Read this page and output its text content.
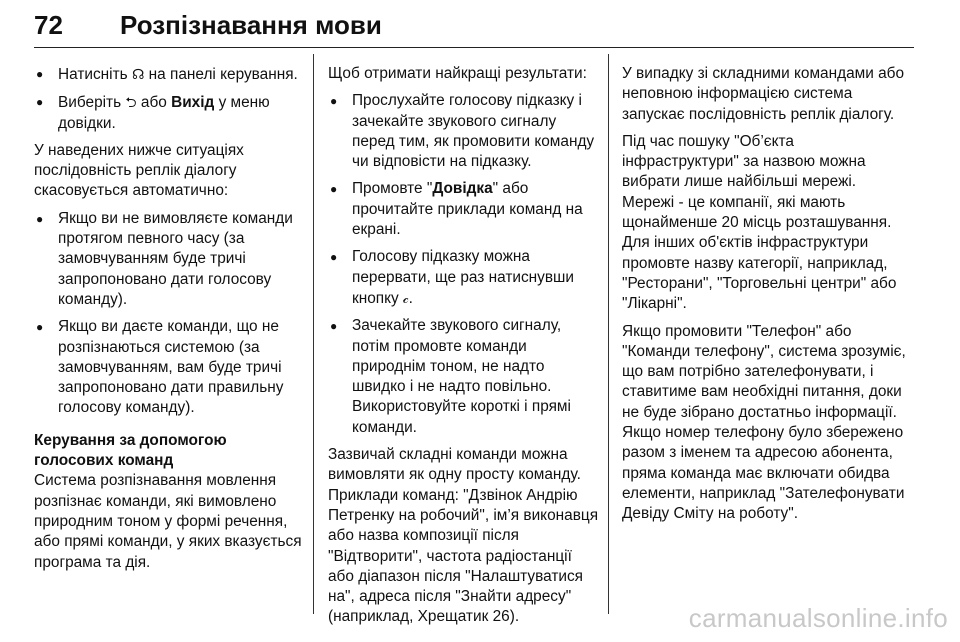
72 Розпізнавання мови
● Натисніть ☊ на панелі керування.
● Виберіть ⮌ або Вихід у меню довідки.

У наведених нижче ситуаціях послідовність реплік діалогу скасовується автоматично:

● Якщо ви не вимовляєте команди протягом певного часу (за замовчуванням буде тричі запропоновано дати голосову команду).
● Якщо ви даєте команди, що не розпізнаються системою (за замовчуванням, вам буде тричі запропоновано дати правильну голосову команду).
Керування за допомогою голосових команд

Система розпізнавання мовлення розпізнає команди, які вимовлено природним тоном у формі речення, або прямі команди, у яких вказується програма та дія.

Щоб отримати найкращі результати:

● Прослухайте голосову підказку і зачекайте звукового сигналу перед тим, як промовити команду чи відповісти на підказку.
● Промовте "Довідка" або прочитайте приклади команд на екрані.
● Голосову підказку можна перервати, ще раз натиснувши кнопку 𝒸.
● Зачекайте звукового сигналу, потім промовте команди природнім тоном, не надто швидко і не надто повільно. Використовуйте короткі і прямі команди.

Зазвичай складні команди можна вимовляти як одну просту команду. Приклади команд: "Дзвінок Андрію Петренку на робочий", ім’я виконавця або назва композиції після "Відтворити", частота радіостанції або діапазон після "Налаштуватися на", адреса після "Знайти адресу" (наприклад, Хрещатик 26).

У випадку зі складними командами або неповною інформацією система запускає послідовність реплік діалогу.

Під час пошуку "Об’єкта інфраструктури" за назвою можна вибрати лише найбільші мережі. Мережі - це компанії, які мають щонайменше 20 місць розташування. Для інших об'єктів інфраструктури промовте назву категорії, наприклад, "Ресторани", "Торговельні центри" або "Лікарні".

Якщо промовити "Телефон" або "Команди телефону", система зрозуміє, що вам потрібно зателефонувати, і ставитиме вам необхідні питання, доки не буде зібрано достатньо інформації. Якщо номер телефону було збережено разом з іменем та адресою абонента, пряма команда має включати обидва елементи, наприклад "Зателефонувати Девіду Сміту на роботу".

carmanualsonline.info
